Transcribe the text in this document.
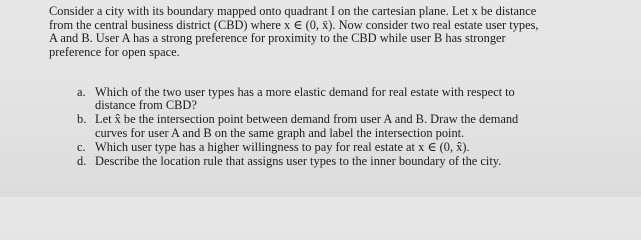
Consider a city with its boundary mapped onto quadrant I on the cartesian plane. Let x be distance
from the central business district (CBD) where x ∈ (0, x̄). Now consider two real estate user types,
A and B. User A has a strong preference for proximity to the CBD while user B has stronger
preference for open space.
a. Which of the two user types has a more elastic demand for real estate with respect to
distance from CBD?
b. Let x̂ be the intersection point between demand from user A and B. Draw the demand
curves for user A and B on the same graph and label the intersection point.
c. Which user type has a higher willingness to pay for real estate at x ∈ (0, x̂).
d. Describe the location rule that assigns user types to the inner boundary of the city.
